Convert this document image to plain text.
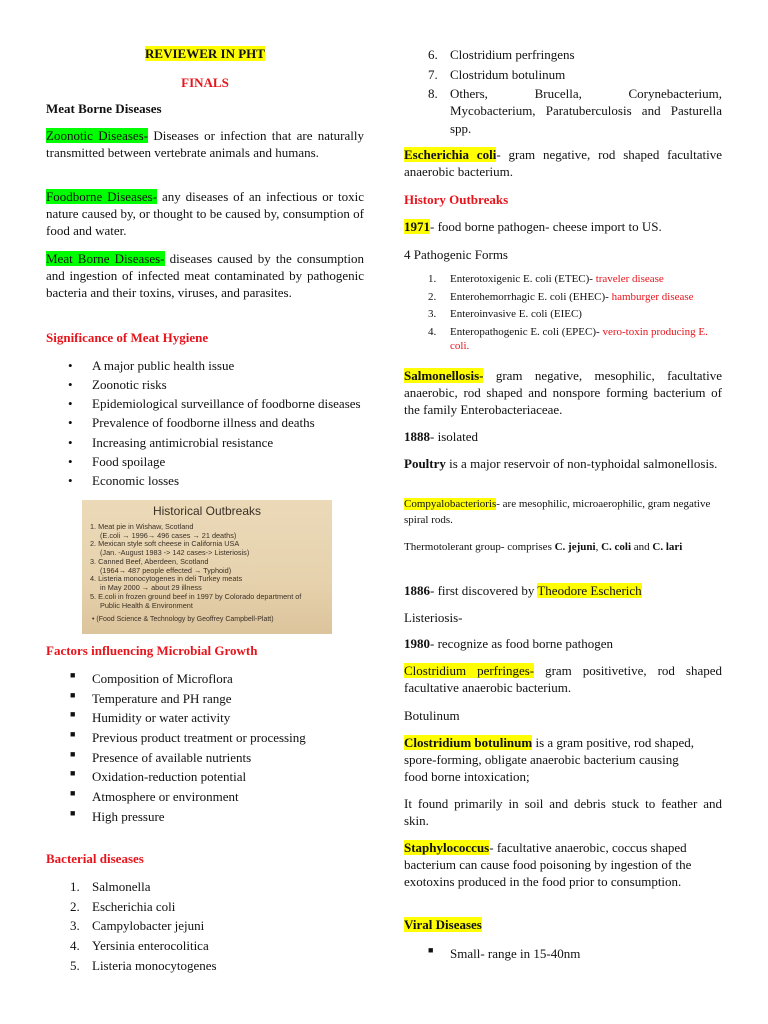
REVIEWER IN PHT

FINALS

Meat Borne Diseases

Zoonotic Diseases- Diseases or infection that are naturally transmitted between vertebrate animals and humans.

Foodborne Diseases- any diseases of an infectious or toxic nature caused by, or thought to be caused by, consumption of food and water.

Meat Borne Diseases- diseases caused by the consumption and ingestion of infected meat contaminated by pathogenic bacteria and their toxins, viruses, and parasites.

Significance of Meat Hygiene

• A major public health issue
• Zoonotic risks
• Epidemiological surveillance of foodborne diseases
• Prevalence of foodborne illness and deaths
• Increasing antimicrobial resistance
• Food spoilage
• Economic losses
Historical Outbreaks
1. Meat pie in Wishaw, Scotland
(E.coli → 1996→ 496 cases → 21 deaths)
2. Mexican style soft cheese in California USA
(Jan. -August 1983 -> 142 cases-> Listeriosis)
3. Canned Beef, Aberdeen, Scotland
(1964→ 487 people effected → Typhoid)
4. Listeria monocytogenes in deli Turkey meats
in May 2000 → about 29 illness
5. E.coli in frozen ground beef in 1997 by Colorado department of
Public Health & Environment
• (Food Science & Technology by Geoffrey Campbell-Platt)

Factors influencing Microbial Growth

■ Composition of Microflora
■ Temperature and PH range
■ Humidity or water activity
■ Previous product treatment or processing
■ Presence of available nutrients
■ Oxidation-reduction potential
■ Atmosphere or environment
■ High pressure

Bacterial diseases

1. Salmonella
2. Escherichia coli
3. Campylobacter jejuni
4. Yersinia enterocolitica
5. Listeria monocytogenes
6. Clostridium perfringens
7. Clostridum botulinum
8. Others, Brucella, Corynebacterium, Mycobacterium, Paratuberculosis and Pasturella spp.

Escherichia coli- gram negative, rod shaped facultative anaerobic bacterium.

History Outbreaks

1971- food borne pathogen- cheese import to US.

4 Pathogenic Forms

1. Enterotoxigenic E. coli (ETEC)- traveler disease
2. Enterohemorrhagic E. coli (EHEC)- hamburger disease
3. Enteroinvasive E. coli (EIEC)
4. Enteropathogenic E. coli (EPEC)- vero-toxin producing E. coli.

Salmonellosis- gram negative, mesophilic, facultative anaerobic, rod shaped and nonspore forming bacterium of the family Enterobacteriaceae.

1888- isolated

Poultry is a major reservoir of non-typhoidal salmonellosis.

Compyalobacterioris- are mesophilic, microaerophilic, gram negative spiral rods.

Thermotolerant group- comprises C. jejuni, C. coli and C. lari

1886- first discovered by Theodore Escherich

Listeriosis-

1980- recognize as food borne pathogen

Clostridium perfringes- gram positivetive, rod shaped facultative anaerobic bacterium.

Botulinum

Clostridium botulinum is a gram positive, rod shaped, spore-forming, obligate anaerobic bacterium causing food borne intoxication;

It found primarily in soil and debris stuck to feather and skin.

Staphylococcus- facultative anaerobic, coccus shaped bacterium can cause food poisoning by ingestion of the exotoxins produced in the food prior to consumption.

Viral Diseases

■ Small- range in 15-40nm
